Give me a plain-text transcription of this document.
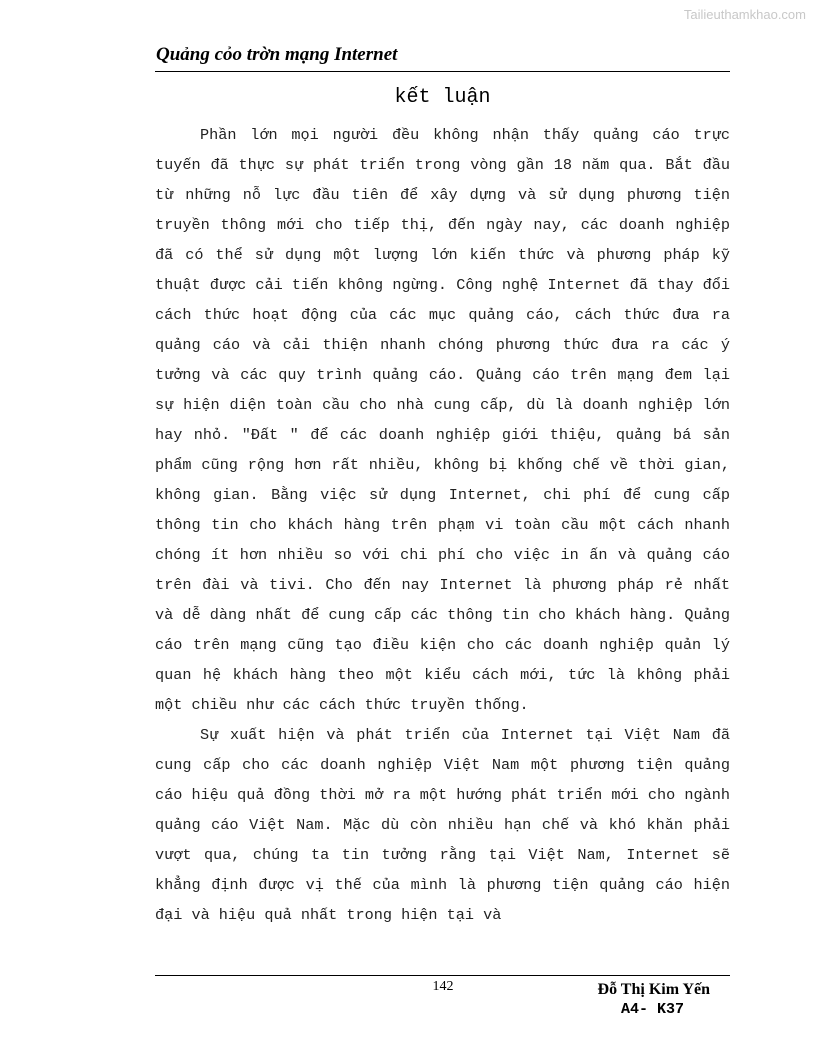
Tailieuthamkhao.com
Quảng cỏo trờn mạng Internet
kết luận

Phần lớn mọi người đều không nhận thấy quảng cáo trực tuyến đã thực sự phát triển trong vòng gần 18 năm qua. Bắt đầu từ những nỗ lực đầu tiên để xây dựng và sử dụng phương tiện truyền thông mới cho tiếp thị, đến ngày nay, các doanh nghiệp đã có thể sử dụng một lượng lớn kiến thức và phương pháp kỹ thuật được cải tiến không ngừng. Công nghệ Internet đã thay đổi cách thức hoạt động của các mục quảng cáo, cách thức đưa ra quảng cáo và cải thiện nhanh chóng phương thức đưa ra các ý tưởng và các quy trình quảng cáo. Quảng cáo trên mạng đem lại sự hiện diện toàn cầu cho nhà cung cấp, dù là doanh nghiệp lớn hay nhỏ. "Đất " để các doanh nghiệp giới thiệu, quảng bá sản phẩm cũng rộng hơn rất nhiều, không bị khống chế về thời gian, không gian. Bằng việc sử dụng Internet, chi phí để cung cấp thông tin cho khách hàng trên phạm vi toàn cầu một cách nhanh chóng ít hơn nhiều so với chi phí cho việc in ấn và quảng cáo trên đài và tivi. Cho đến nay Internet là phương pháp rẻ nhất và dễ dàng nhất để cung cấp các thông tin cho khách hàng. Quảng cáo trên mạng cũng tạo điều kiện cho các doanh nghiệp quản lý quan hệ khách hàng theo một kiểu cách mới, tức là không phải một chiều như các cách thức truyền thống.

Sự xuất hiện và phát triển của Internet tại Việt Nam đã cung cấp cho các doanh nghiệp Việt Nam một phương tiện quảng cáo hiệu quả đồng thời mở ra một hướng phát triển mới cho ngành quảng cáo Việt Nam. Mặc dù còn nhiều hạn chế và khó khăn phải vượt qua, chúng ta tin tưởng rằng tại Việt Nam, Internet sẽ khẳng định được vị thế của mình là phương tiện quảng cáo hiện đại và hiệu quả nhất trong hiện tại và

142	Đỗ Thị Kim Yến
A4- K37
